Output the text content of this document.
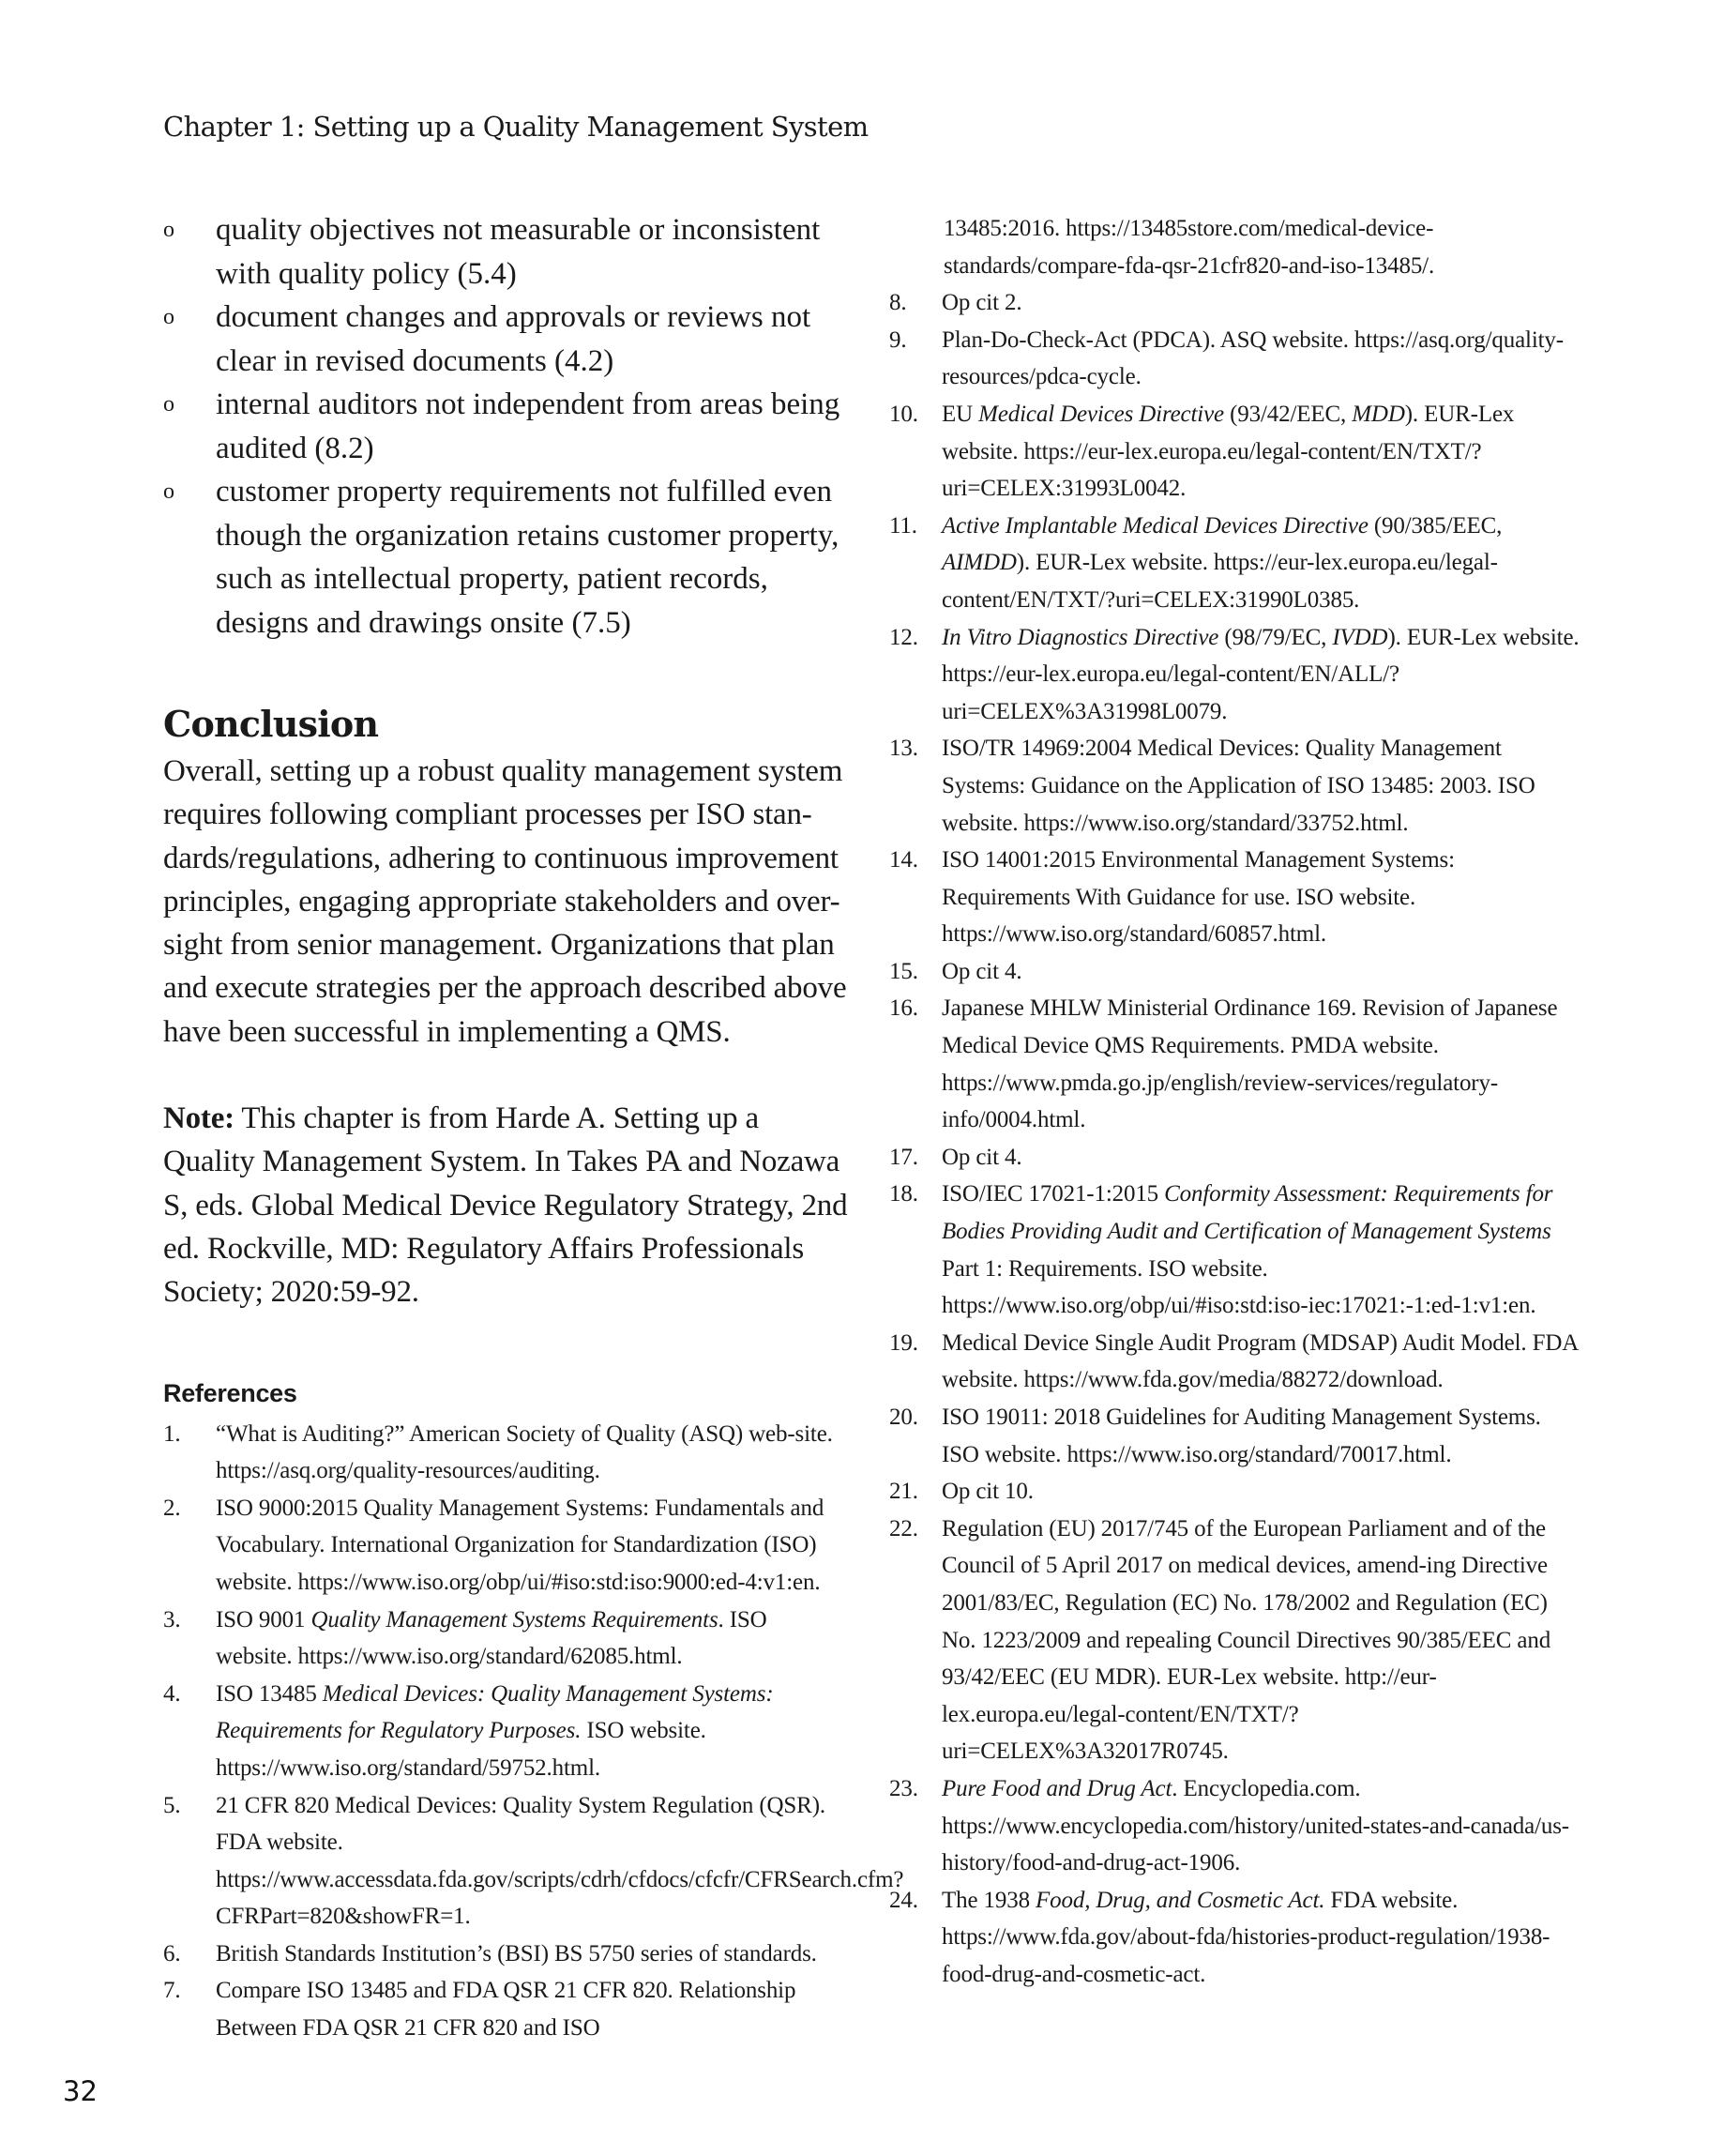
Chapter 1: Setting up a Quality Management System
o quality objectives not measurable or inconsistent with quality policy (5.4)
o document changes and approvals or reviews not clear in revised documents (4.2)
o internal auditors not independent from areas being audited (8.2)
o customer property requirements not fulfilled even though the organization retains customer property, such as intellectual property, patient records, designs and drawings onsite (7.5)
Conclusion

Overall, setting up a robust quality management system requires following compliant processes per ISO stan-dards/regulations, adhering to continuous improvement principles, engaging appropriate stakeholders and over-sight from senior management. Organizations that plan and execute strategies per the approach described above have been successful in implementing a QMS.

Note: This chapter is from Harde A. Setting up a Quality Management System. In Takes PA and Nozawa S, eds. Global Medical Device Regulatory Strategy, 2nd ed. Rockville, MD: Regulatory Affairs Professionals Society; 2020:59-92.

References
1. “What is Auditing?” American Society of Quality (ASQ) web-site. https://asq.org/quality-resources/auditing.
2. ISO 9000:2015 Quality Management Systems: Fundamentals and Vocabulary. International Organization for Standardization (ISO) website. https://www.iso.org/obp/ui/#iso:std:iso:9000:ed-4:v1:en.
3. ISO 9001 Quality Management Systems Requirements. ISO website. https://www.iso.org/standard/62085.html.
4. ISO 13485 Medical Devices: Quality Management Systems: Requirements for Regulatory Purposes. ISO website. https://www.iso.org/standard/59752.html.
5. 21 CFR 820 Medical Devices: Quality System Regulation (QSR). FDA website. https://www.accessdata.fda.gov/scripts/cdrh/cfdocs/cfcfr/CFRSearch.cfm?CFRPart=820&showFR=1.
6. British Standards Institution’s (BSI) BS 5750 series of standards.
7. Compare ISO 13485 and FDA QSR 21 CFR 820. Relationship Between FDA QSR 21 CFR 820 and ISO
13485:2016. https://13485store.com/medical-device-standards/compare-fda-qsr-21cfr820-and-iso-13485/.
8. Op cit 2.
9. Plan-Do-Check-Act (PDCA). ASQ website. https://asq.org/quality-resources/pdca-cycle.
10. EU Medical Devices Directive (93/42/EEC, MDD). EUR-Lex website. https://eur-lex.europa.eu/legal-content/EN/TXT/?uri=CELEX:31993L0042.
11. Active Implantable Medical Devices Directive (90/385/EEC, AIMDD). EUR-Lex website. https://eur-lex.europa.eu/legal-content/EN/TXT/?uri=CELEX:31990L0385.
12. In Vitro Diagnostics Directive (98/79/EC, IVDD). EUR-Lex website. https://eur-lex.europa.eu/legal-content/EN/ALL/?uri=CELEX%3A31998L0079.
13. ISO/TR 14969:2004 Medical Devices: Quality Management Systems: Guidance on the Application of ISO 13485: 2003. ISO website. https://www.iso.org/standard/33752.html.
14. ISO 14001:2015 Environmental Management Systems: Requirements With Guidance for use. ISO website. https://www.iso.org/standard/60857.html.
15. Op cit 4.
16. Japanese MHLW Ministerial Ordinance 169. Revision of Japanese Medical Device QMS Requirements. PMDA website. https://www.pmda.go.jp/english/review-services/regulatory-info/0004.html.
17. Op cit 4.
18. ISO/IEC 17021-1:2015 Conformity Assessment: Requirements for Bodies Providing Audit and Certification of Management Systems Part 1: Requirements. ISO website. https://www.iso.org/obp/ui/#iso:std:iso-iec:17021:-1:ed-1:v1:en.
19. Medical Device Single Audit Program (MDSAP) Audit Model. FDA website. https://www.fda.gov/media/88272/download.
20. ISO 19011: 2018 Guidelines for Auditing Management Systems. ISO website. https://www.iso.org/standard/70017.html.
21. Op cit 10.
22. Regulation (EU) 2017/745 of the European Parliament and of the Council of 5 April 2017 on medical devices, amend-ing Directive 2001/83/EC, Regulation (EC) No. 178/2002 and Regulation (EC) No. 1223/2009 and repealing Council Directives 90/385/EEC and 93/42/EEC (EU MDR). EUR-Lex website. http://eur-lex.europa.eu/legal-content/EN/TXT/?uri=CELEX%3A32017R0745.
23. Pure Food and Drug Act. Encyclopedia.com. https://www.encyclopedia.com/history/united-states-and-canada/us-history/food-and-drug-act-1906.
24. The 1938 Food, Drug, and Cosmetic Act. FDA website. https://www.fda.gov/about-fda/histories-product-regulation/1938-food-drug-and-cosmetic-act.
32
